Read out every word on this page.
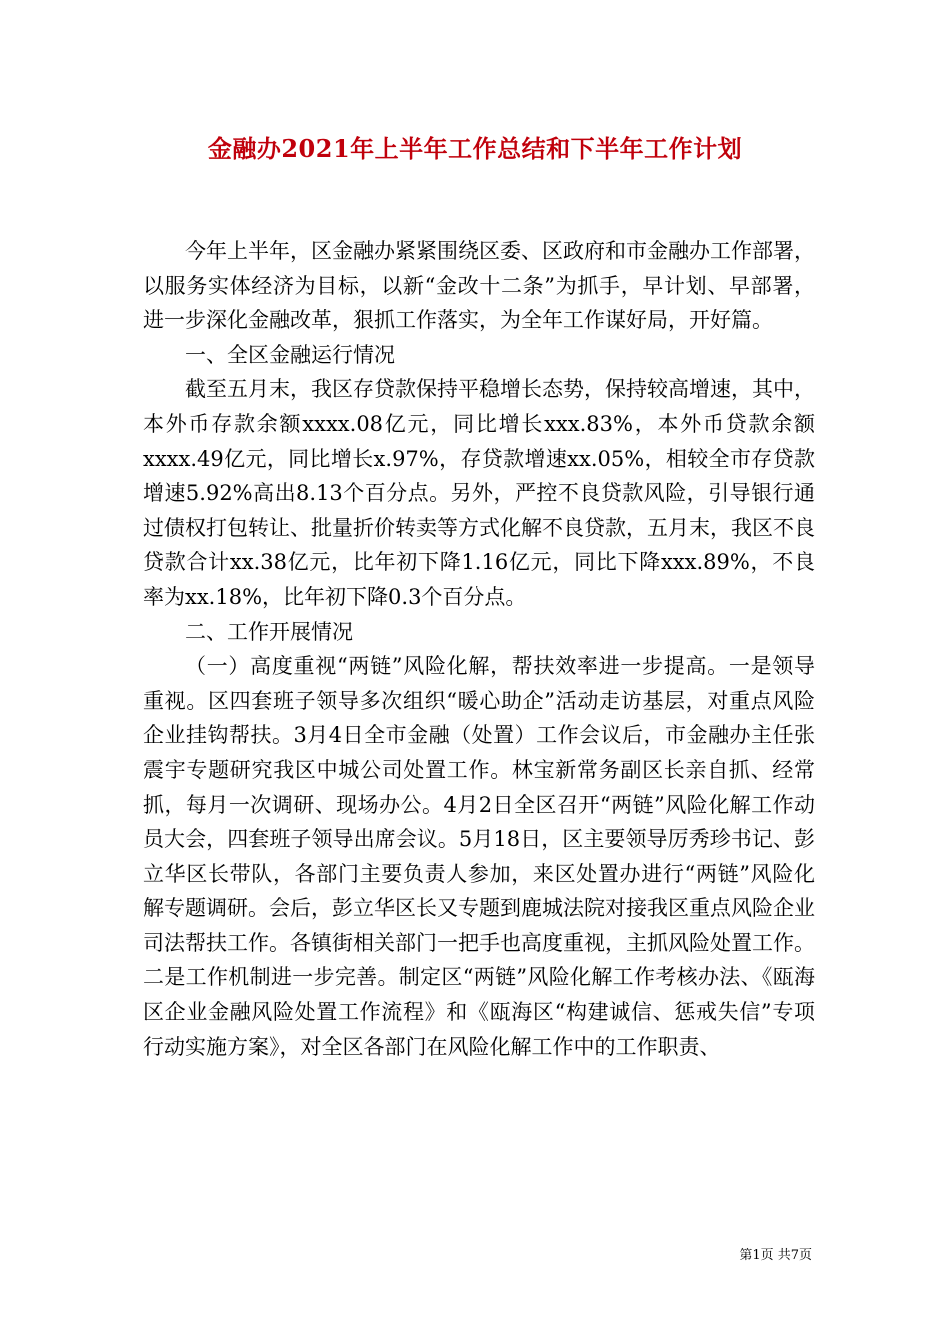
金融办2021年上半年工作总结和下半年工作计划

今年上半年，区金融办紧紧围绕区委、区政府和市金融办工作部署，以服务实体经济为目标，以新“金改十二条”为抓手，早计划、早部署，进一步深化金融改革，狠抓工作落实，为全年工作谋好局，开好篇。

一、全区金融运行情况

截至五月末，我区存贷款保持平稳增长态势，保持较高增速，其中，本外币存款余额xxxx.08亿元，同比增长xxx.83%，本外币贷款余额xxxx.49亿元，同比增长x.97%，存贷款增速xx.05%，相较全市存贷款增速5.92%高出8.13个百分点。另外，严控不良贷款风险，引导银行通过债权打包转让、批量折价转卖等方式化解不良贷款，五月末，我区不良贷款合计xx.38亿元，比年初下降1.16亿元，同比下降xxx.89%，不良率为xx.18%，比年初下降0.3个百分点。

二、工作开展情况

（一）高度重视“两链”风险化解，帮扶效率进一步提高。一是领导重视。区四套班子领导多次组织“暖心助企”活动走访基层，对重点风险企业挂钩帮扶。3月4日全市金融（处置）工作会议后，市金融办主任张震宇专题研究我区中城公司处置工作。林宝新常务副区长亲自抓、经常抓，每月一次调研、现场办公。4月2日全区召开“两链”风险化解工作动员大会，四套班子领导出席会议。5月18日，区主要领导厉秀珍书记、彭立华区长带队，各部门主要负责人参加，来区处置办进行“两链”风险化解专题调研。会后，彭立华区长又专题到鹿城法院对接我区重点风险企业司法帮扶工作。各镇街相关部门一把手也高度重视，主抓风险处置工作。二是工作机制进一步完善。制定区“两链”风险化解工作考核办法、《瓯海区企业金融风险处置工作流程》和《瓯海区“构建诚信、惩戒失信”专项行动实施方案》，对全区各部门在风险化解工作中的工作职责、

第1页 共7页
